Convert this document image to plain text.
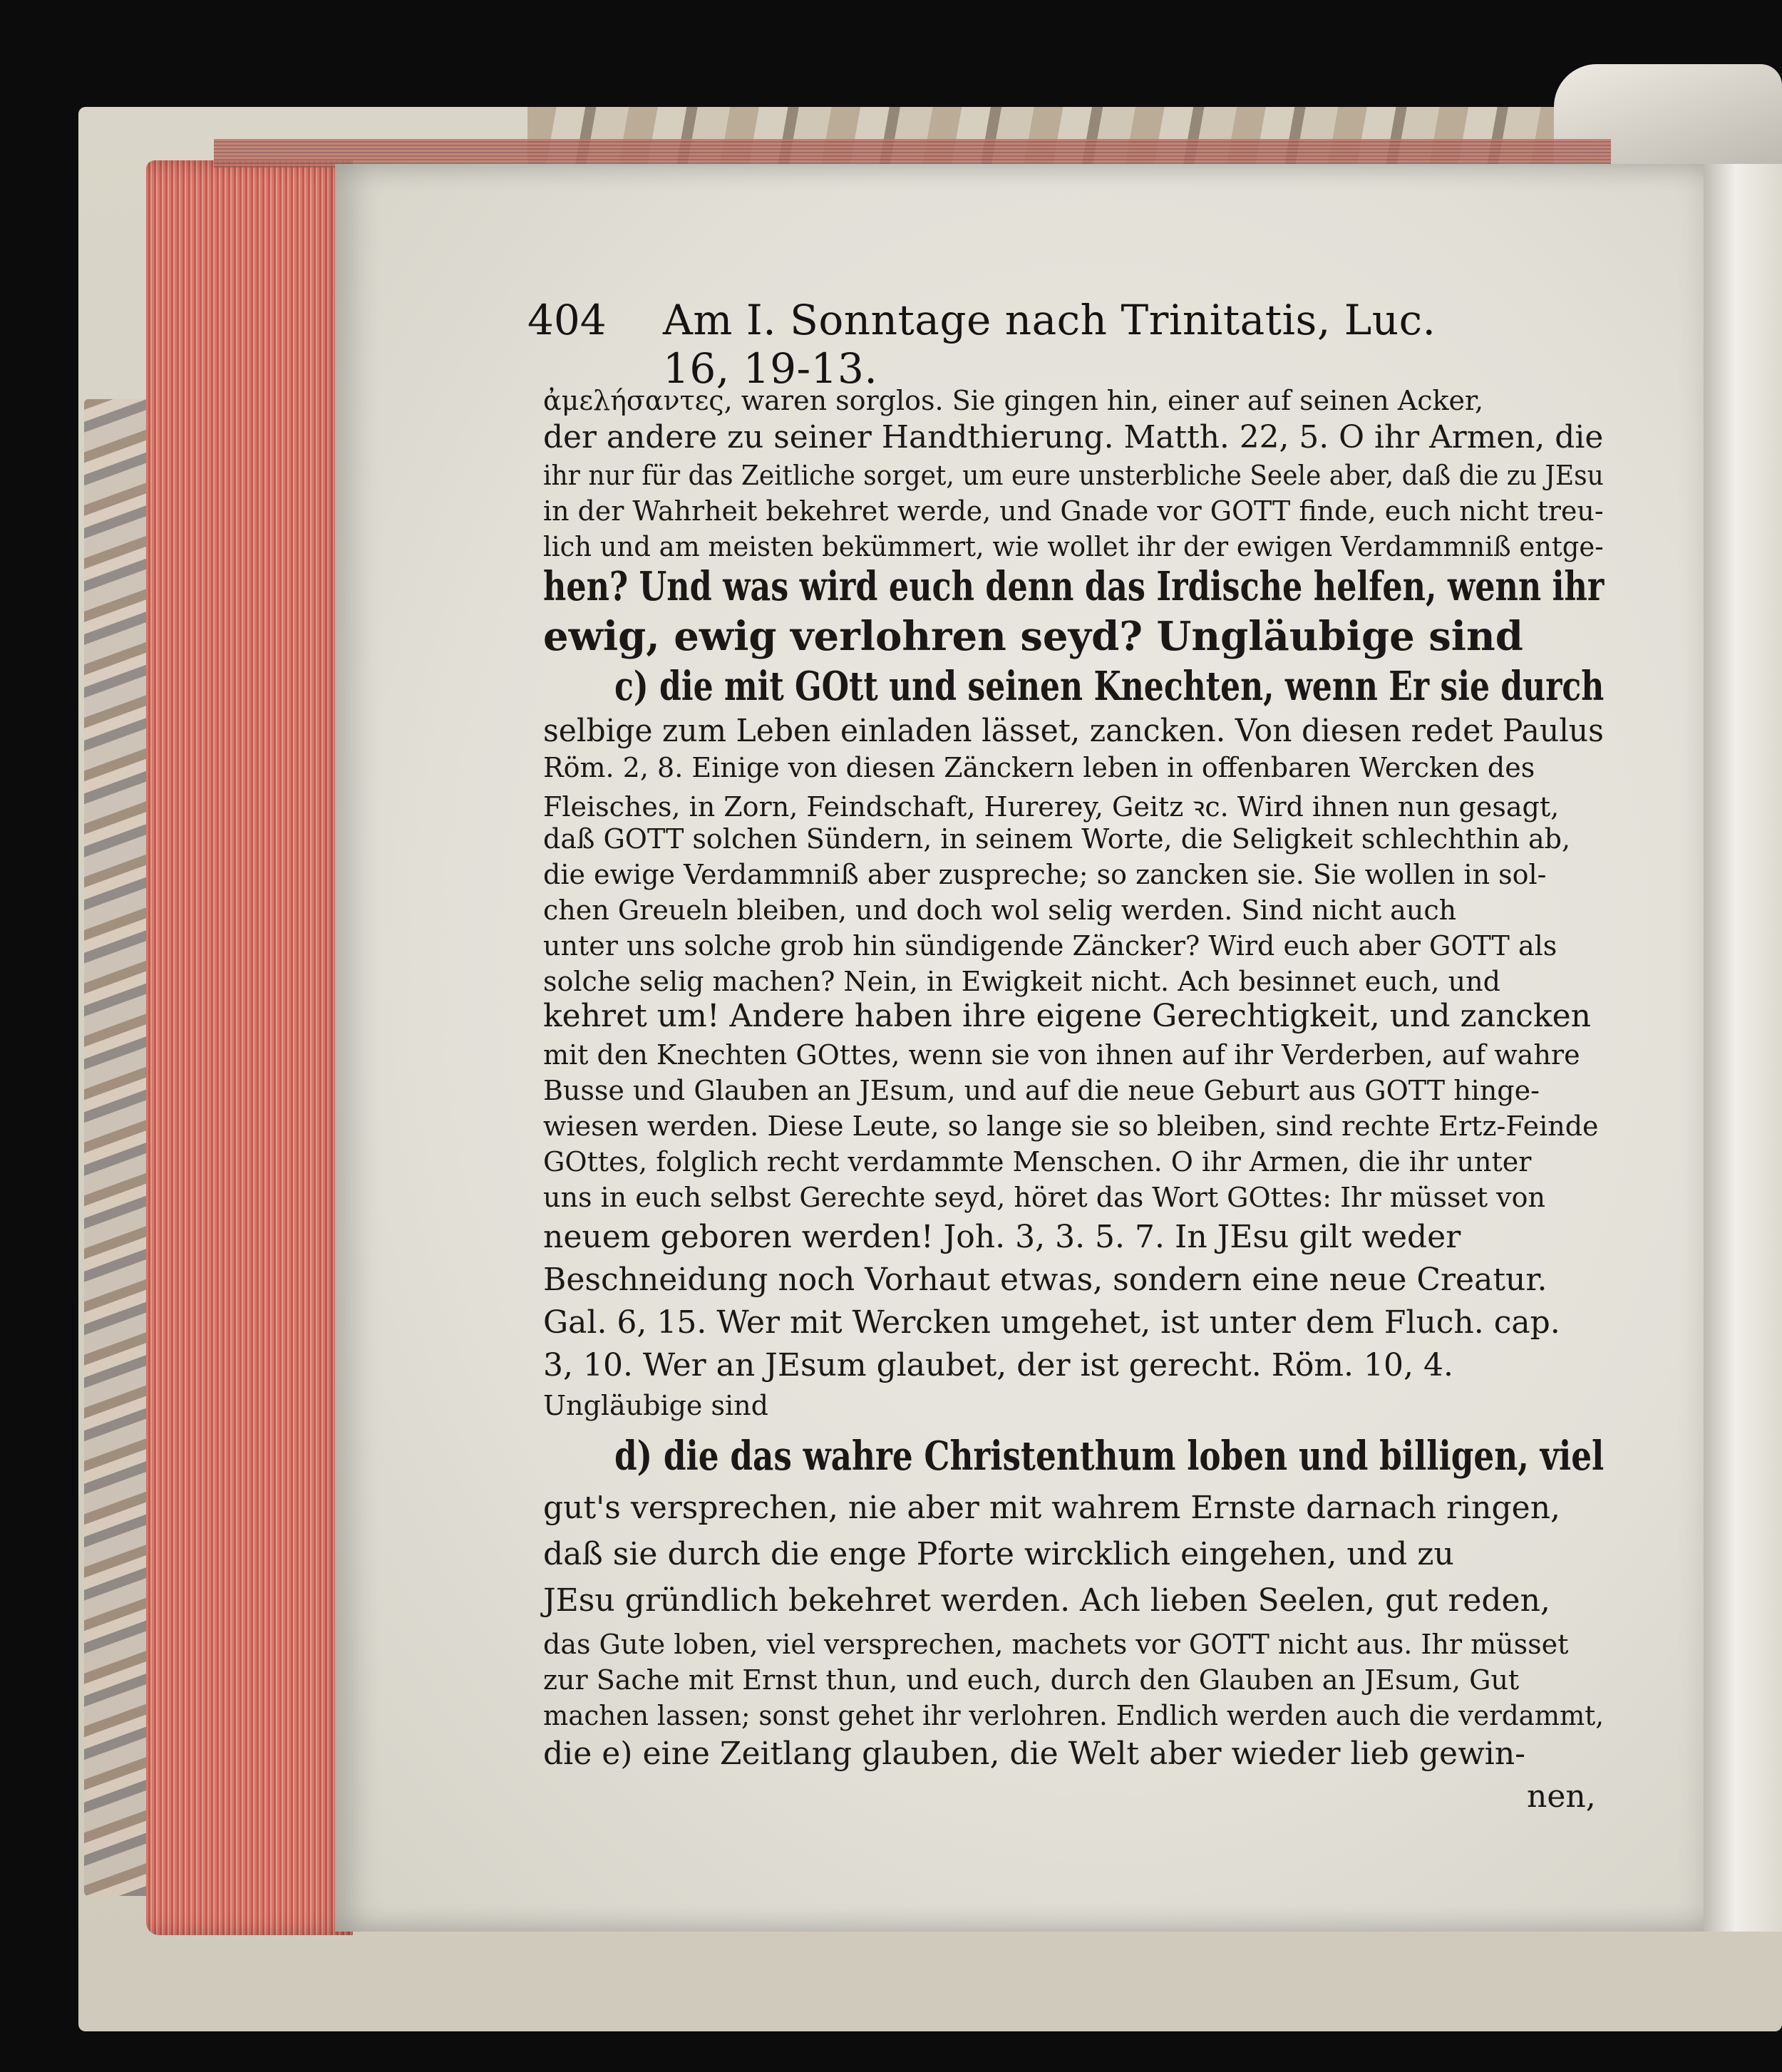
404 Am I. Sonntage nach Trinitatis, Luc. 16, 19-13.
ἀμελήσαντες, waren sorglos. Sie gingen hin, einer auf seinen Acker,
der andere zu seiner Handthierung. Matth. 22, 5. O ihr Armen, die
ihr nur für das Zeitliche sorget, um eure unsterbliche Seele aber, daß die zu JEsu
in der Wahrheit bekehret werde, und Gnade vor GOTT finde, euch nicht treu-
lich und am meisten bekümmert, wie wollet ihr der ewigen Verdammniß entge-
hen? Und was wird euch denn das Irdische helfen, wenn ihr
ewig, ewig verlohren seyd? Ungläubige sind
c) die mit GOtt und seinen Knechten, wenn Er sie durch
selbige zum Leben einladen lässet, zancken. Von diesen redet Paulus
Röm. 2, 8. Einige von diesen Zänckern leben in offenbaren Wercken des
Fleisches, in Zorn, Feindschaft, Hurerey, Geitz ꝛc. Wird ihnen nun gesagt,
daß GOTT solchen Sündern, in seinem Worte, die Seligkeit schlechthin ab,
die ewige Verdammniß aber zuspreche; so zancken sie. Sie wollen in sol-
chen Greueln bleiben, und doch wol selig werden. Sind nicht auch
unter uns solche grob hin sündigende Zäncker? Wird euch aber GOTT als
solche selig machen? Nein, in Ewigkeit nicht. Ach besinnet euch, und
kehret um! Andere haben ihre eigene Gerechtigkeit, und zancken
mit den Knechten GOttes, wenn sie von ihnen auf ihr Verderben, auf wahre
Busse und Glauben an JEsum, und auf die neue Geburt aus GOTT hinge-
wiesen werden. Diese Leute, so lange sie so bleiben, sind rechte Ertz-Feinde
GOttes, folglich recht verdammte Menschen. O ihr Armen, die ihr unter
uns in euch selbst Gerechte seyd, höret das Wort GOttes: Ihr müsset von
neuem geboren werden! Joh. 3, 3. 5. 7. In JEsu gilt weder
Beschneidung noch Vorhaut etwas, sondern eine neue Creatur.
Gal. 6, 15. Wer mit Wercken umgehet, ist unter dem Fluch. cap.
3, 10. Wer an JEsum glaubet, der ist gerecht. Röm. 10, 4.
Ungläubige sind
d) die das wahre Christenthum loben und billigen, viel
gut's versprechen, nie aber mit wahrem Ernste darnach ringen,
daß sie durch die enge Pforte wircklich eingehen, und zu
JEsu gründlich bekehret werden. Ach lieben Seelen, gut reden,
das Gute loben, viel versprechen, machets vor GOTT nicht aus. Ihr müsset
zur Sache mit Ernst thun, und euch, durch den Glauben an JEsum, Gut
machen lassen; sonst gehet ihr verlohren. Endlich werden auch die verdammt,
die e) eine Zeitlang glauben, die Welt aber wieder lieb gewin-
nen,
